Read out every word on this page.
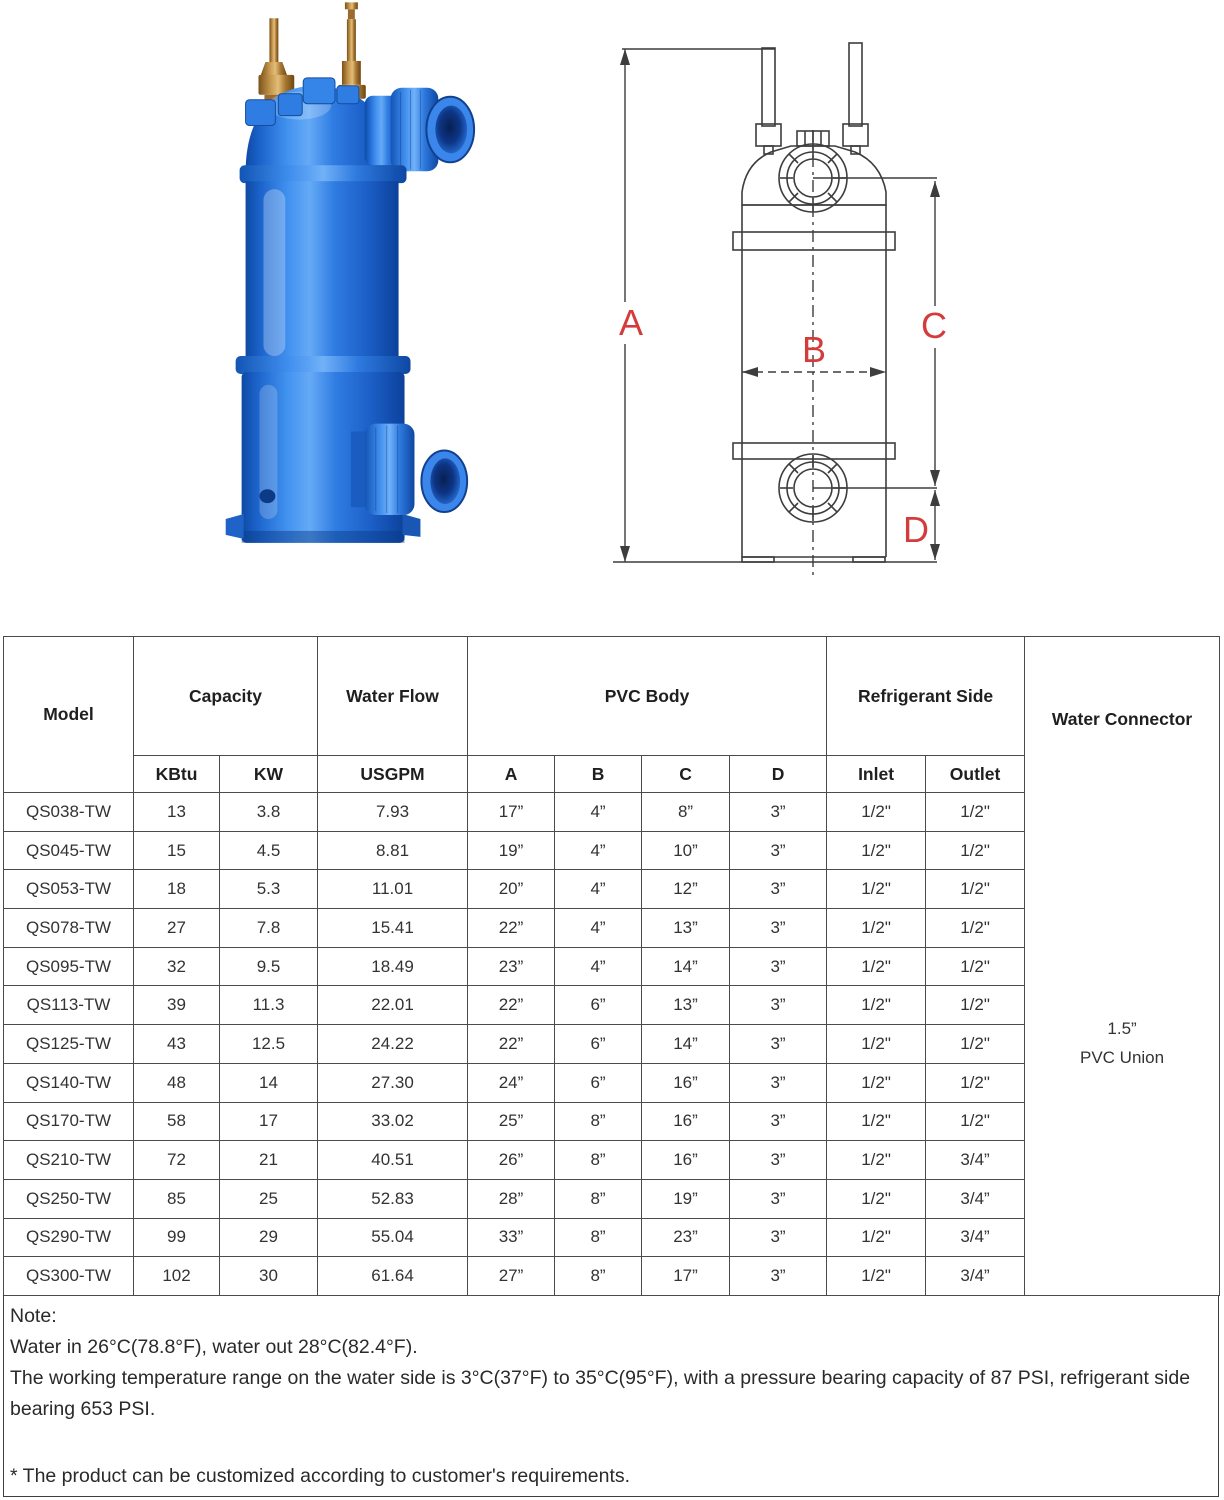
A
B
C
D
Model	Capacity		Water Flow	PVC Body				Refrigerant Side		Water Connector
1.5”
PVC Union

	KBtu	KW	USGPM	A	B	C	D	Inlet	Outlet	
QS038-TW	13	3.8	7.93	17”	4”	8”	3”	1/2"	1/2"	
QS045-TW	15	4.5	8.81	19”	4”	10”	3”	1/2"	1/2"	
QS053-TW	18	5.3	11.01	20”	4”	12”	3”	1/2"	1/2"	
QS078-TW	27	7.8	15.41	22”	4”	13”	3”	1/2"	1/2"	
QS095-TW	32	9.5	18.49	23”	4”	14”	3”	1/2"	1/2"	
QS113-TW	39	11.3	22.01	22”	6”	13”	3”	1/2"	1/2"	
QS125-TW	43	12.5	24.22	22”	6”	14”	3”	1/2"	1/2"	
QS140-TW	48	14	27.30	24”	6”	16”	3”	1/2"	1/2"	
QS170-TW	58	17	33.02	25”	8”	16”	3”	1/2"	1/2"	
QS210-TW	72	21	40.51	26”	8”	16”	3”	1/2"	3/4”	
QS250-TW	85	25	52.83	28”	8”	19”	3”	1/2"	3/4”	
QS290-TW	99	29	55.04	33”	8”	23”	3”	1/2"	3/4”	
QS300-TW	102	30	61.64	27”	8”	17”	3”	1/2"	3/4”	
Note:
Water in 26°C(78.8°F), water out 28°C(82.4°F).
The working temperature range on the water side is 3°C(37°F) to 35°C(95°F), with a pressure bearing capacity of 87 PSI, refrigerant side bearing 653 PSI.
* The product can be customized according to customer's requirements.
